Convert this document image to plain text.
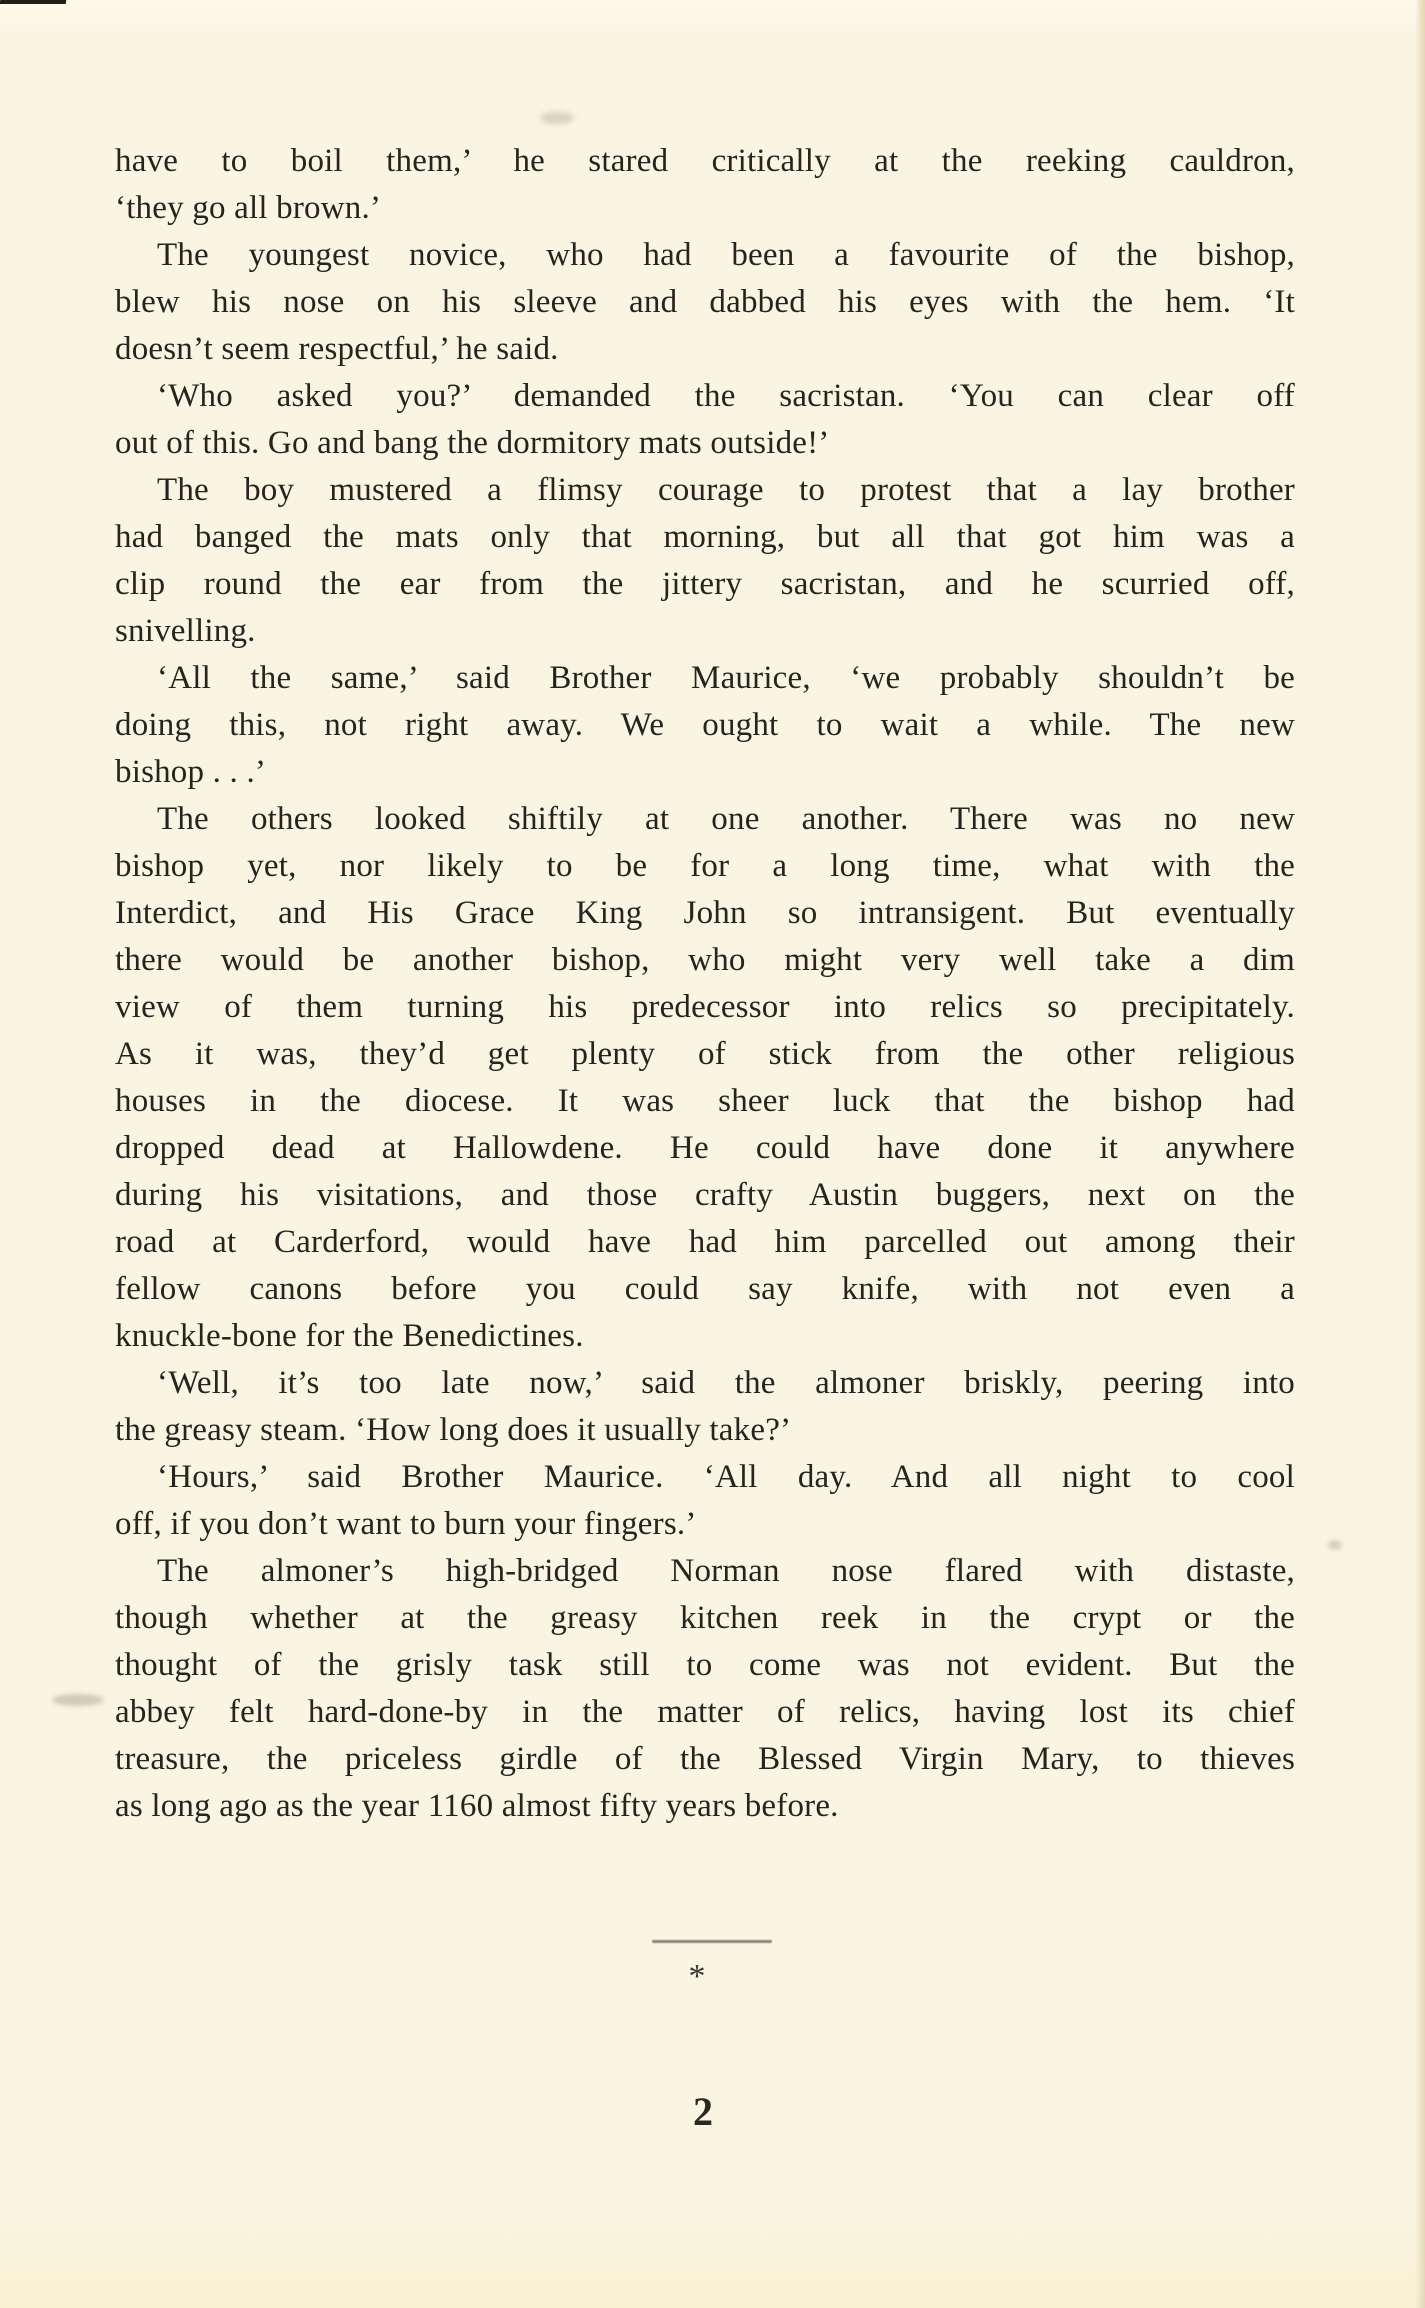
have to boil them,’ he stared critically at the reeking cauldron,
‘they go all brown.’
The youngest novice, who had been a favourite of the bishop,
blew his nose on his sleeve and dabbed his eyes with the hem. ‘It
doesn’t seem respectful,’ he said.
‘Who asked you?’ demanded the sacristan. ‘You can clear off
out of this. Go and bang the dormitory mats outside!’
The boy mustered a flimsy courage to protest that a lay brother
had banged the mats only that morning, but all that got him was a
clip round the ear from the jittery sacristan, and he scurried off,
snivelling.
‘All the same,’ said Brother Maurice, ‘we probably shouldn’t be
doing this, not right away. We ought to wait a while. The new
bishop . . .’
The others looked shiftily at one another. There was no new
bishop yet, nor likely to be for a long time, what with the
Interdict, and His Grace King John so intransigent. But eventually
there would be another bishop, who might very well take a dim
view of them turning his predecessor into relics so precipitately.
As it was, they’d get plenty of stick from the other religious
houses in the diocese. It was sheer luck that the bishop had
dropped dead at Hallowdene. He could have done it anywhere
during his visitations, and those crafty Austin buggers, next on the
road at Carderford, would have had him parcelled out among their
fellow canons before you could say knife, with not even a
knuckle-bone for the Benedictines.
‘Well, it’s too late now,’ said the almoner briskly, peering into
the greasy steam. ‘How long does it usually take?’
‘Hours,’ said Brother Maurice. ‘All day. And all night to cool
off, if you don’t want to burn your fingers.’
The almoner’s high-bridged Norman nose flared with distaste,
though whether at the greasy kitchen reek in the crypt or the
thought of the grisly task still to come was not evident. But the
abbey felt hard-done-by in the matter of relics, having lost its chief
treasure, the priceless girdle of the Blessed Virgin Mary, to thieves
as long ago as the year 1160 almost fifty years before.
*
2
